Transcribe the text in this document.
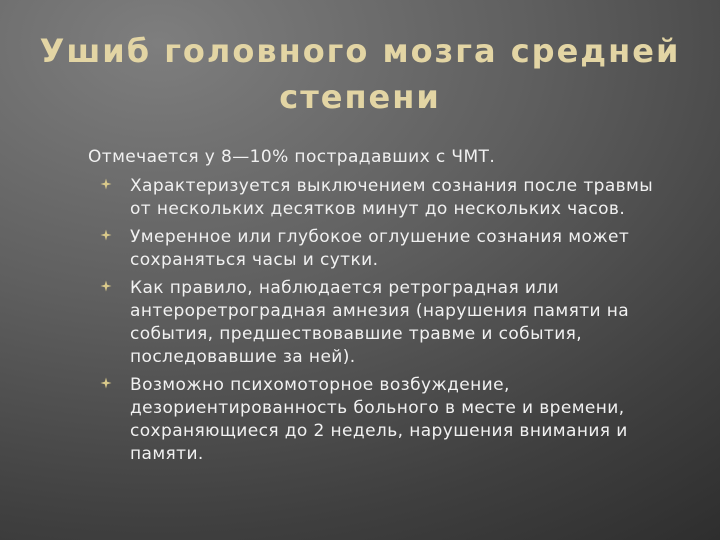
Ушиб головного мозга средней степени

Отмечается у 8—10% пострадавших с ЧМТ.

Характеризуется выключением сознания после травмы от нескольких десятков минут до нескольких часов.
Умеренное или глубокое оглушение сознания может сохраняться часы и сутки.
Как правило, наблюдается ретроградная или антероретроградная амнезия (нарушения памяти на события, предшествовавшие травме и события, последовавшие за ней).
Возможно психомоторное возбуждение, дезориентированность больного в месте и времени, сохраняющиеся до 2 недель, нарушения внимания и памяти.
